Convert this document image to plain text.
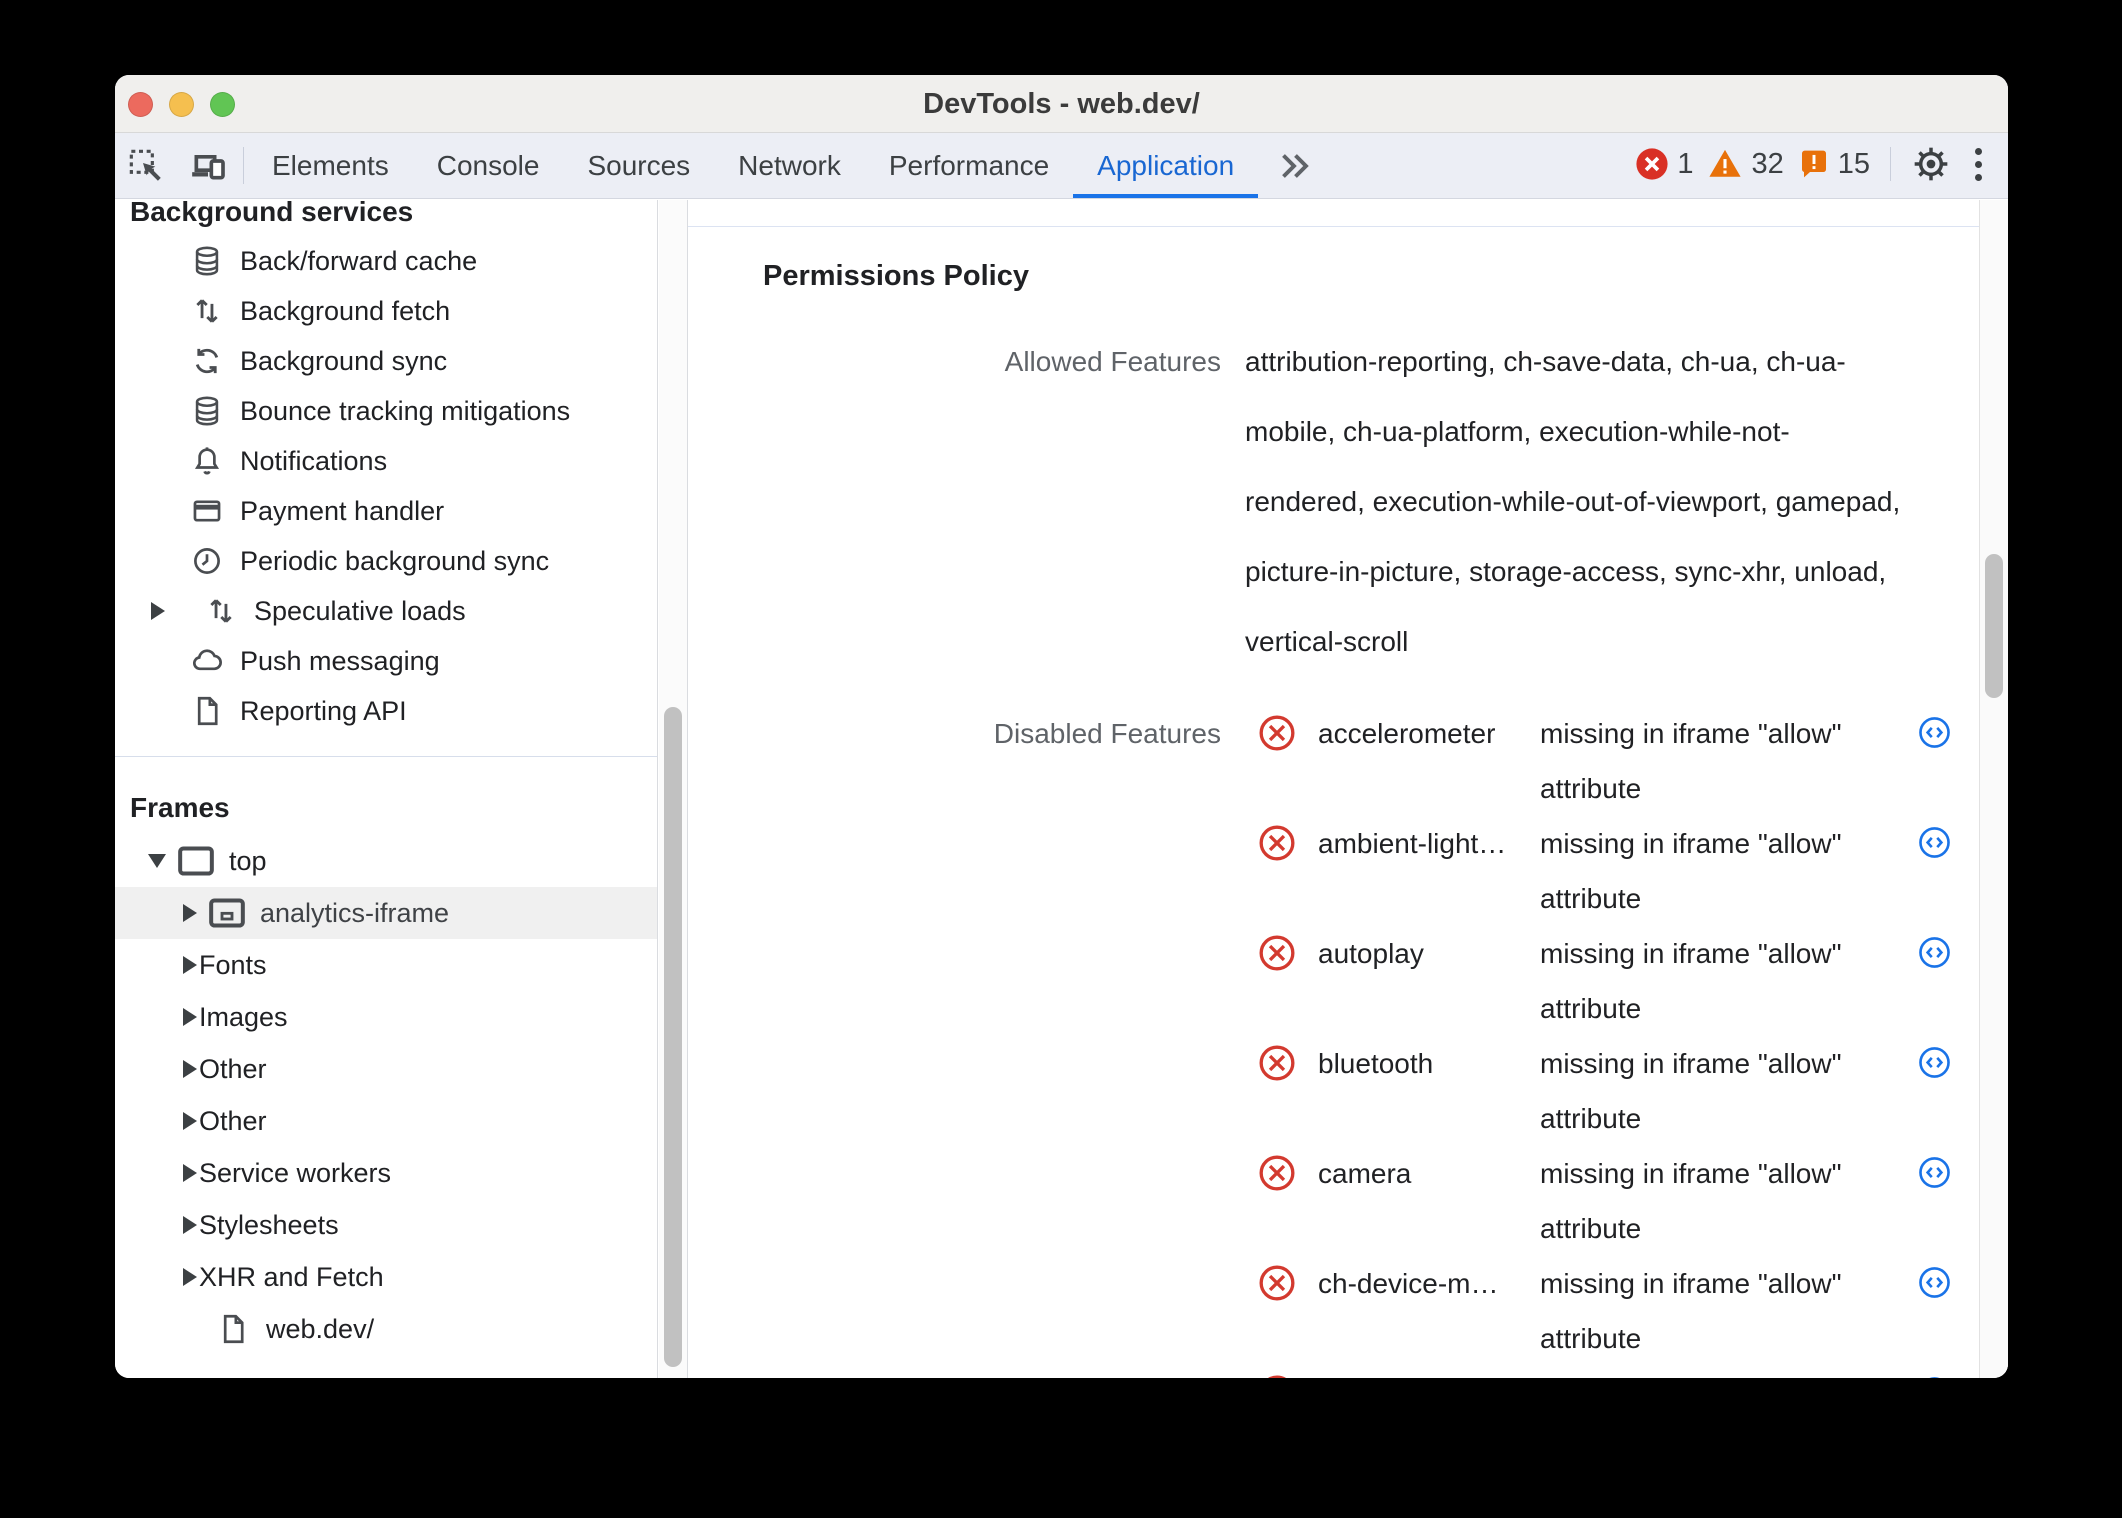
DevTools - web.dev/
Elements Console Sources Network Performance Application	1 32 15
Background services
Back/forward cache
Background fetch
Background sync
Bounce tracking mitigations
Notifications
Payment handler
Periodic background sync
Speculative loads
Push messaging
Reporting API
Frames
top
analytics-iframe
Fonts
Images
Other
Other
Service workers
Stylesheets
XHR and Fetch
web.dev/
Permissions Policy
Allowed Features attribution-reporting, ch-save-data, ch-ua, ch-ua-
mobile, ch-ua-platform, execution-while-not-
rendered, execution-while-out-of-viewport, gamepad,
picture-in-picture, storage-access, sync-xhr, unload,
vertical-scroll
Disabled Features	accelerometer	missing in iframe "allow"
attribute
ambient-light…	missing in iframe "allow"
attribute
autoplay	missing in iframe "allow"
attribute
bluetooth	missing in iframe "allow"
attribute
camera	missing in iframe "allow"
attribute
ch-device-m…	missing in iframe "allow"
attribute
